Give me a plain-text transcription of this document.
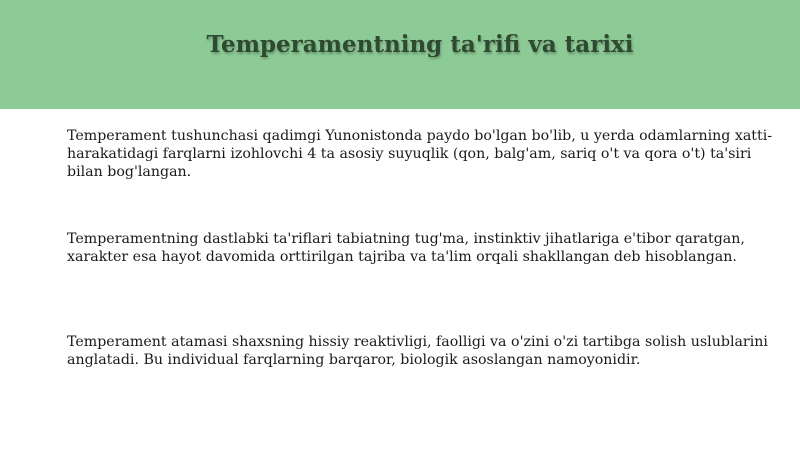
Temperamentning ta'rifi va tarixi

Temperament tushunchasi qadimgi Yunonistonda paydo bo'lgan bo'lib, u yerda odamlarning xatti-harakatidagi farqlarni izohlovchi 4 ta asosiy suyuqlik (qon, balg'am, sariq o't va qora o't) ta'siri bilan bog'langan.

Temperamentning dastlabki ta'riflari tabiatning tug'ma, instinktiv jihatlariga e'tibor qaratgan, xarakter esa hayot davomida orttirilgan tajriba va ta'lim orqali shakllangan deb hisoblangan.

Temperament atamasi shaxsning hissiy reaktivligi, faolligi va o'zini o'zi tartibga solish uslublarini anglatadi. Bu individual farqlarning barqaror, biologik asoslangan namoyonidir.
